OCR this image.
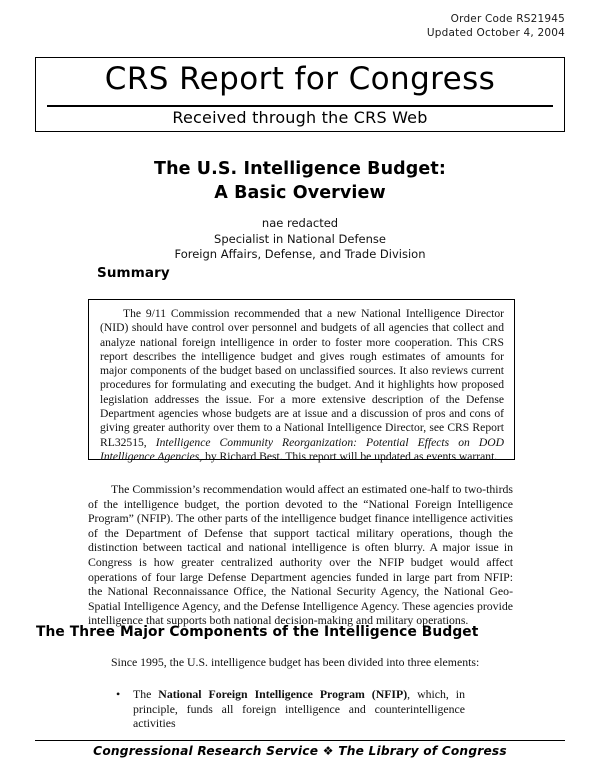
Order Code RS21945
Updated October 4, 2004
CRS Report for Congress
Received through the CRS Web
The U.S. Intelligence Budget:
A Basic Overview
nae redacted
Specialist in National Defense
Foreign Affairs, Defense, and Trade Division
Summary
The 9/11 Commission recommended that a new National Intelligence Director (NID) should have control over personnel and budgets of all agencies that collect and analyze national foreign intelligence in order to foster more cooperation. This CRS report describes the intelligence budget and gives rough estimates of amounts for major components of the budget based on unclassified sources. It also reviews current procedures for formulating and executing the budget. And it highlights how proposed legislation addresses the issue. For a more extensive description of the Defense Department agencies whose budgets are at issue and a discussion of pros and cons of giving greater authority over them to a National Intelligence Director, see CRS Report RL32515, Intelligence Community Reorganization: Potential Effects on DOD Intelligence Agencies, by Richard Best. This report will be updated as events warrant.
The Commission’s recommendation would affect an estimated one-half to two-thirds of the intelligence budget, the portion devoted to the “National Foreign Intelligence Program” (NFIP). The other parts of the intelligence budget finance intelligence activities of the Department of Defense that support tactical military operations, though the distinction between tactical and national intelligence is often blurry. A major issue in Congress is how greater centralized authority over the NFIP budget would affect operations of four large Defense Department agencies funded in large part from NFIP: the National Reconnaissance Office, the National Security Agency, the National Geo-Spatial Intelligence Agency, and the Defense Intelligence Agency. These agencies provide intelligence that supports both national decision-making and military operations.
The Three Major Components of the Intelligence Budget
Since 1995, the U.S. intelligence budget has been divided into three elements:
• The National Foreign Intelligence Program (NFIP), which, in principle, funds all foreign intelligence and counterintelligence activities
Congressional Research Service ❖ The Library of Congress
